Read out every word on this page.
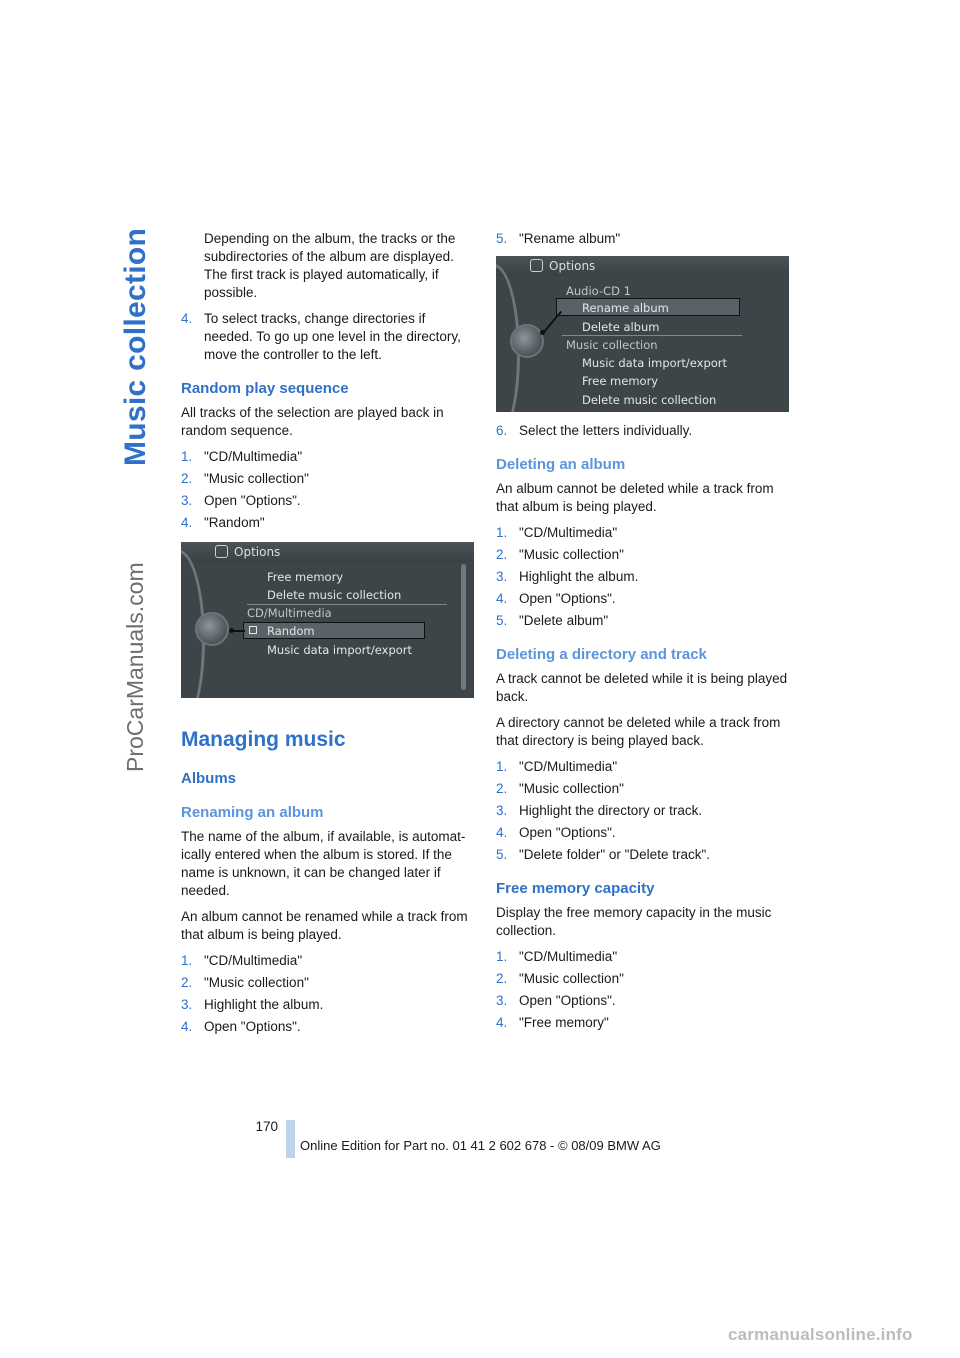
Music collection
ProCarManuals.com

Depending on the album, the tracks or the subdirectories of the album are displayed. The first track is played automatically, if possible.

4. To select tracks, change directories if needed. To go up one level in the directory, move the controller to the left.
Random play sequence

All tracks of the selection are played back in random sequence.

1. "CD/Multimedia"
2. "Music collection"
3. Open "Options".
4. "Random"
Options
Free memory
Delete music collection
CD/Multimedia
Random
Music data import/export
Managing music
Albums
Renaming an album

The name of the album, if available, is automat-ically entered when the album is stored. If the name is unknown, it can be changed later if needed.

An album cannot be renamed while a track from that album is being played.

1. "CD/Multimedia"
2. "Music collection"
3. Highlight the album.
4. Open "Options".
5. "Rename album"
Options
Audio-CD 1
Rename album
Delete album
Music collection
Music data import/export
Free memory
Delete music collection
6. Select the letters individually.
Deleting an album

An album cannot be deleted while a track from that album is being played.

1. "CD/Multimedia"
2. "Music collection"
3. Highlight the album.
4. Open "Options".
5. "Delete album"
Deleting a directory and track

A track cannot be deleted while it is being played back.

A directory cannot be deleted while a track from that directory is being played back.

1. "CD/Multimedia"
2. "Music collection"
3. Highlight the directory or track.
4. Open "Options".
5. "Delete folder" or "Delete track".
Free memory capacity

Display the free memory capacity in the music collection.

1. "CD/Multimedia"
2. "Music collection"
3. Open "Options".
4. "Free memory"
170
Online Edition for Part no. 01 41 2 602 678 - © 08/09 BMW AG
carmanualsonline.info
